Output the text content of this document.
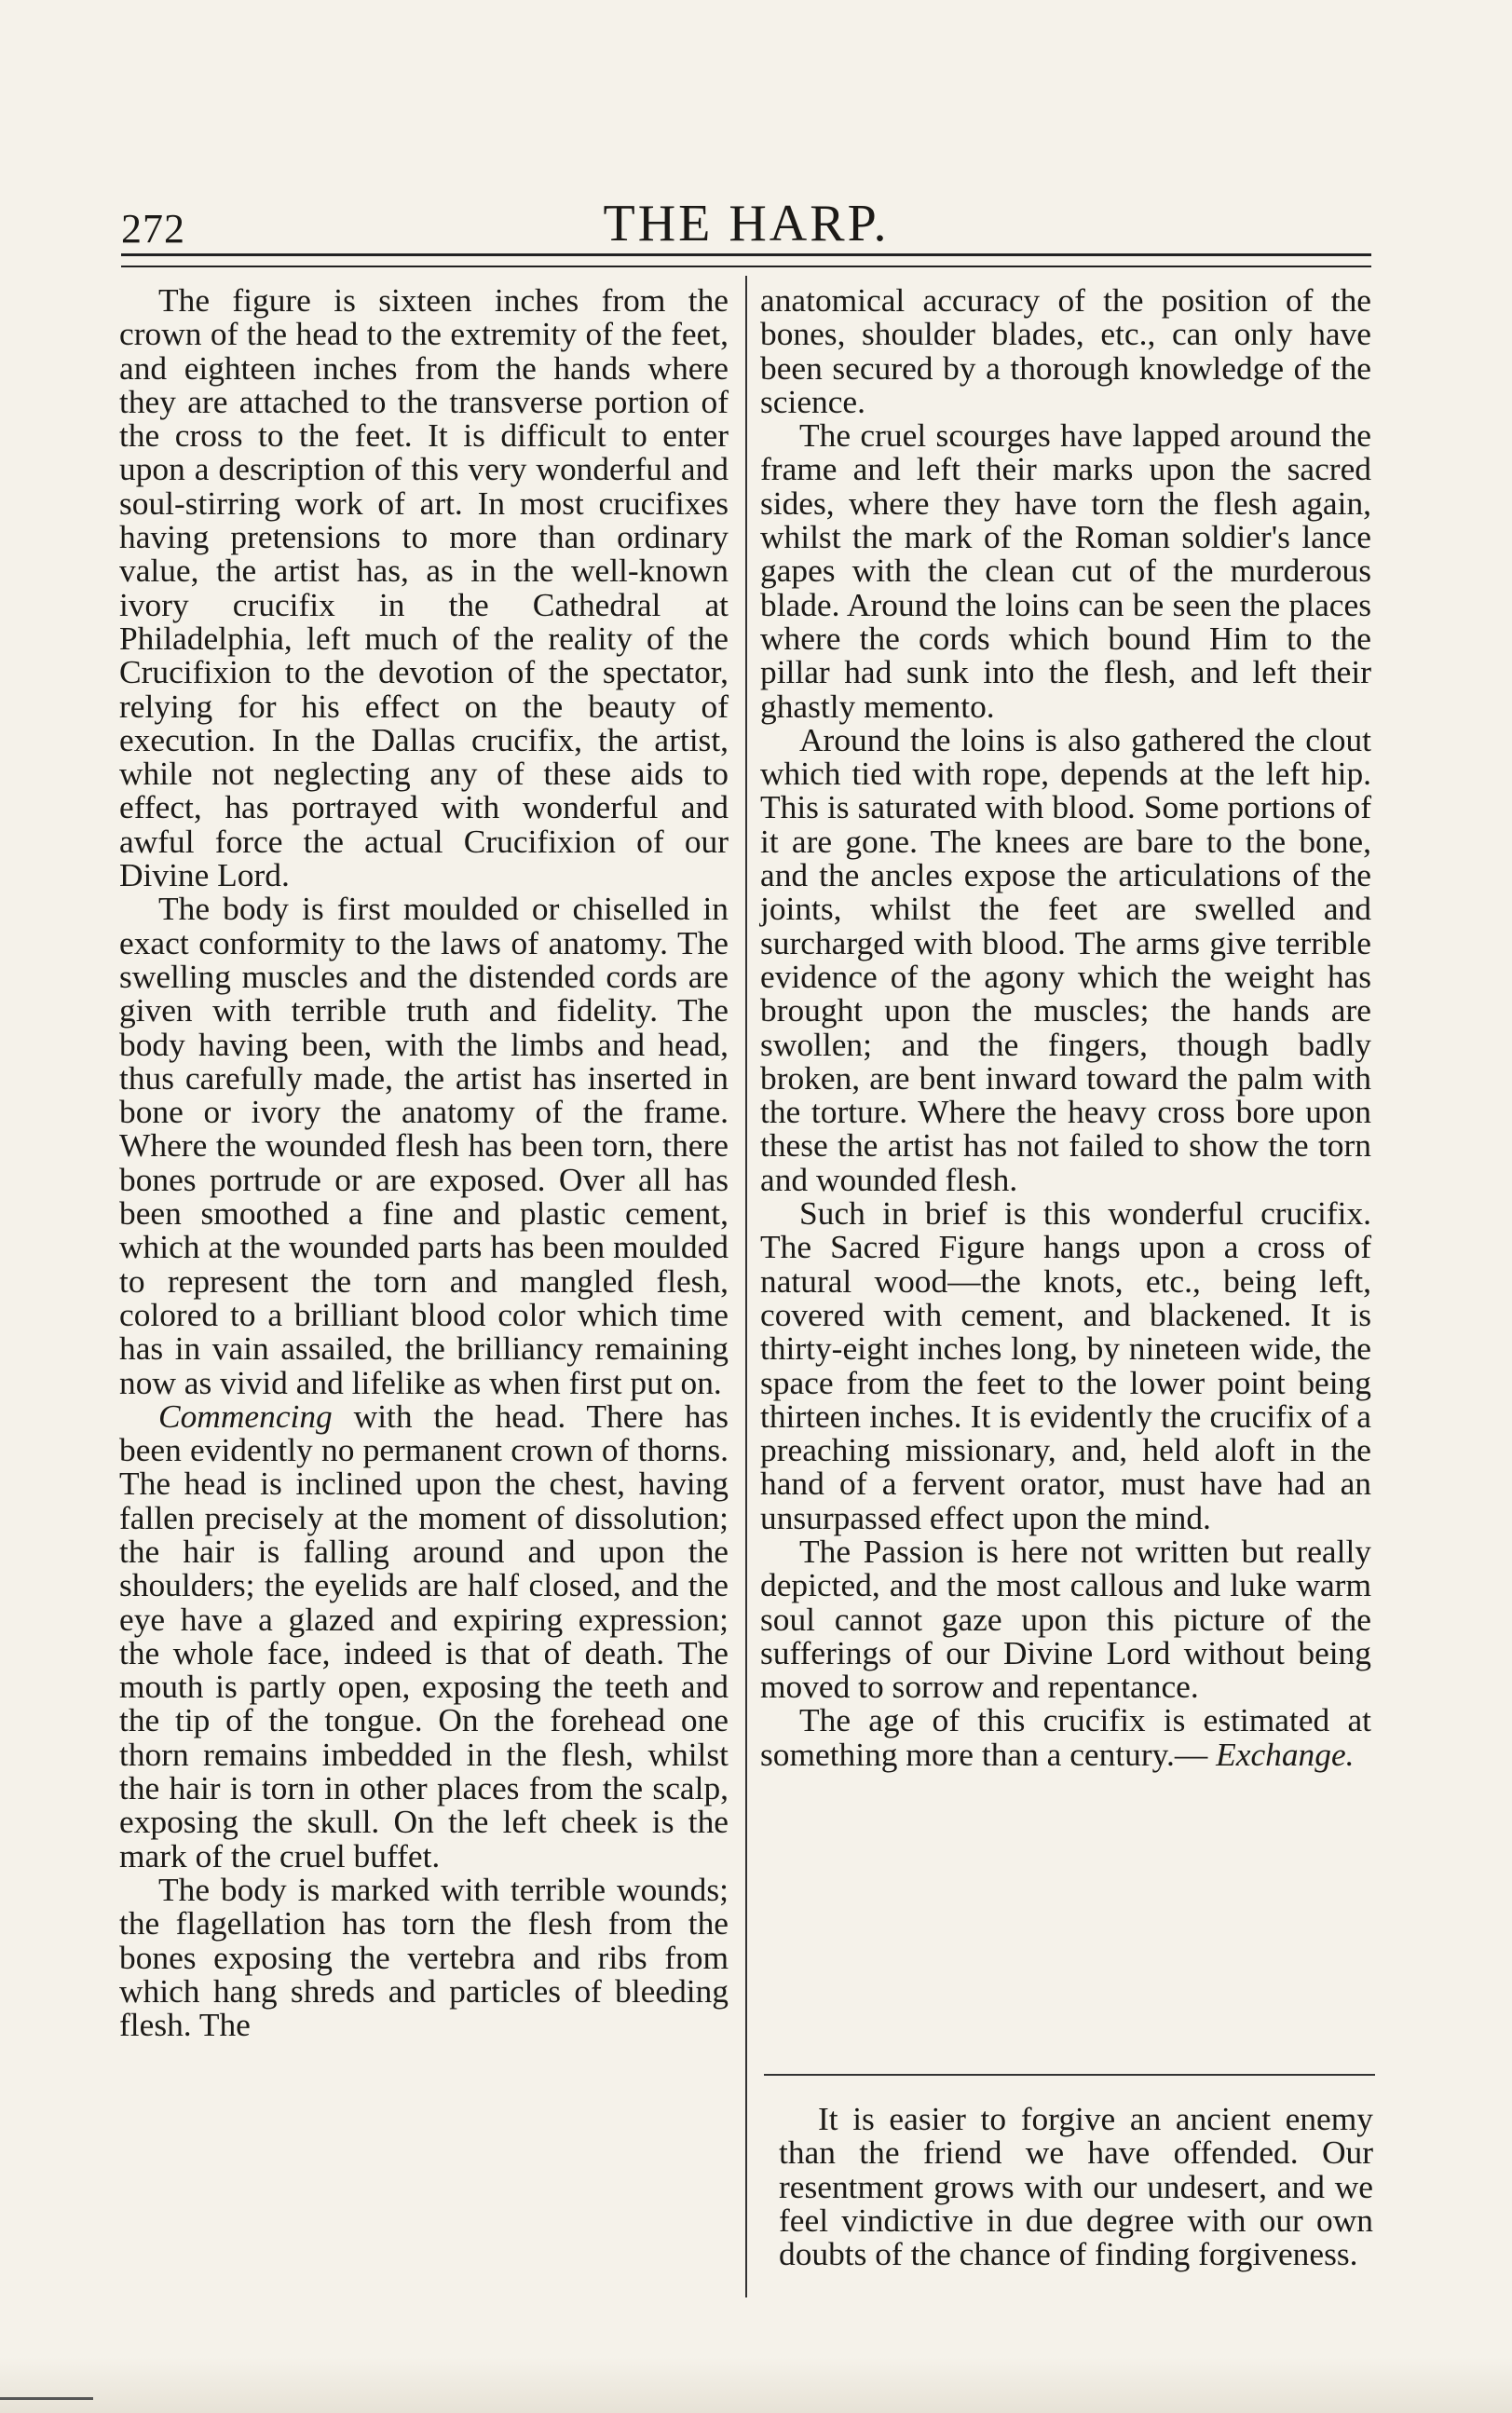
272	THE HARP.

The figure is sixteen inches from the crown of the head to the extremity of the feet, and eighteen inches from the hands where they are attached to the transverse portion of the cross to the feet. It is difficult to enter upon a description of this very wonderful and soul-stirring work of art. In most crucifixes having pretensions to more than ordinary value, the artist has, as in the well-known ivory crucifix in the Cathedral at Philadelphia, left much of the reality of the Crucifixion to the devotion of the spectator, relying for his effect on the beauty of execution. In the Dallas crucifix, the artist, while not neglecting any of these aids to effect, has portrayed with wonderful and awful force the actual Crucifixion of our Divine Lord.

The body is first moulded or chiselled in exact conformity to the laws of anatomy. The swelling muscles and the distended cords are given with terrible truth and fidelity. The body having been, with the limbs and head, thus carefully made, the artist has inserted in bone or ivory the anatomy of the frame. Where the wounded flesh has been torn, there bones portrude or are exposed. Over all has been smoothed a fine and plastic cement, which at the wounded parts has been moulded to represent the torn and mangled flesh, colored to a brilliant blood color which time has in vain assailed, the brilliancy remaining now as vivid and lifelike as when first put on.

Commencing with the head. There has been evidently no permanent crown of thorns. The head is inclined upon the chest, having fallen precisely at the moment of dissolution; the hair is falling around and upon the shoulders; the eyelids are half closed, and the eye have a glazed and expiring expression; the whole face, indeed is that of death. The mouth is partly open, exposing the teeth and the tip of the tongue. On the forehead one thorn remains imbedded in the flesh, whilst the hair is torn in other places from the scalp, exposing the skull. On the left cheek is the mark of the cruel buffet.

The body is marked with terrible wounds; the flagellation has torn the flesh from the bones exposing the vertebra and ribs from which hang shreds and particles of bleeding flesh. The

anatomical accuracy of the position of the bones, shoulder blades, etc., can only have been secured by a thorough knowledge of the science.

The cruel scourges have lapped around the frame and left their marks upon the sacred sides, where they have torn the flesh again, whilst the mark of the Roman soldier's lance gapes with the clean cut of the murderous blade. Around the loins can be seen the places where the cords which bound Him to the pillar had sunk into the flesh, and left their ghastly memento.

Around the loins is also gathered the clout which tied with rope, depends at the left hip. This is saturated with blood. Some portions of it are gone. The knees are bare to the bone, and the ancles expose the articulations of the joints, whilst the feet are swelled and surcharged with blood. The arms give terrible evidence of the agony which the weight has brought upon the muscles; the hands are swollen; and the fingers, though badly broken, are bent inward toward the palm with the torture. Where the heavy cross bore upon these the artist has not failed to show the torn and wounded flesh.

Such in brief is this wonderful crucifix. The Sacred Figure hangs upon a cross of natural wood—the knots, etc., being left, covered with cement, and blackened. It is thirty-eight inches long, by nineteen wide, the space from the feet to the lower point being thirteen inches. It is evidently the crucifix of a preaching missionary, and, held aloft in the hand of a fervent orator, must have had an unsurpassed effect upon the mind.

The Passion is here not written but really depicted, and the most callous and luke warm soul cannot gaze upon this picture of the sufferings of our Divine Lord without being moved to sorrow and repentance.

The age of this crucifix is estimated at something more than a century.— Exchange.

It is easier to forgive an ancient enemy than the friend we have offended. Our resentment grows with our undesert, and we feel vindictive in due degree with our own doubts of the chance of finding forgiveness.
